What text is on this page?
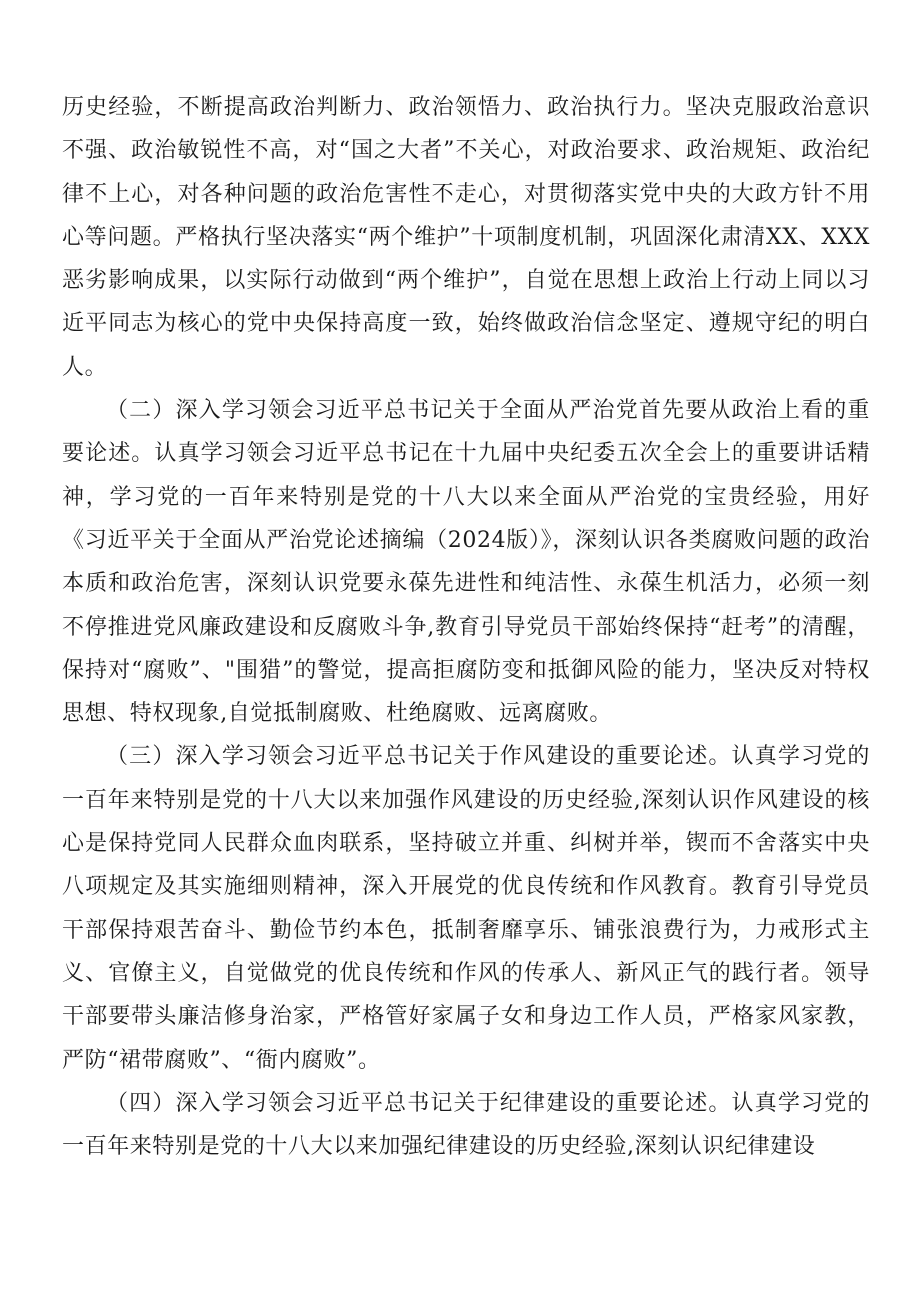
历史经验，不断提高政治判断力、政治领悟力、政治执行力。坚决克服政治意识不强、政治敏锐性不高，对“国之大者”不关心，对政治要求、政治规矩、政治纪律不上心，对各种问题的政治危害性不走心，对贯彻落实党中央的大政方针不用心等问题。严格执行坚决落实“两个维护”十项制度机制，巩固深化肃清XX、XXX恶劣影响成果，以实际行动做到“两个维护”，自觉在思想上政治上行动上同以习近平同志为核心的党中央保持高度一致，始终做政治信念坚定、遵规守纪的明白人。

（二）深入学习领会习近平总书记关于全面从严治党首先要从政治上看的重要论述。认真学习领会习近平总书记在十九届中央纪委五次全会上的重要讲话精神，学习党的一百年来特别是党的十八大以来全面从严治党的宝贵经验，用好《习近平关于全面从严治党论述摘编（2024版）》，深刻认识各类腐败问题的政治本质和政治危害，深刻认识党要永葆先进性和纯洁性、永葆生机活力，必须一刻不停推进党风廉政建设和反腐败斗争,教育引导党员干部始终保持“赶考”的清醒，保持对“腐败”、"围猎”的警觉，提高拒腐防变和抵御风险的能力，坚决反对特权思想、特权现象,自觉抵制腐败、杜绝腐败、远离腐败。

（三）深入学习领会习近平总书记关于作风建设的重要论述。认真学习党的一百年来特别是党的十八大以来加强作风建设的历史经验,深刻认识作风建设的核心是保持党同人民群众血肉联系，坚持破立并重、纠树并举，锲而不舍落实中央八项规定及其实施细则精神，深入开展党的优良传统和作风教育。教育引导党员干部保持艰苦奋斗、勤俭节约本色，抵制奢靡享乐、铺张浪费行为，力戒形式主义、官僚主义，自觉做党的优良传统和作风的传承人、新风正气的践行者。领导干部要带头廉洁修身治家，严格管好家属子女和身边工作人员，严格家风家教，严防“裙带腐败”、“衙内腐败”。

（四）深入学习领会习近平总书记关于纪律建设的重要论述。认真学习党的一百年来特别是党的十八大以来加强纪律建设的历史经验,深刻认识纪律建设
